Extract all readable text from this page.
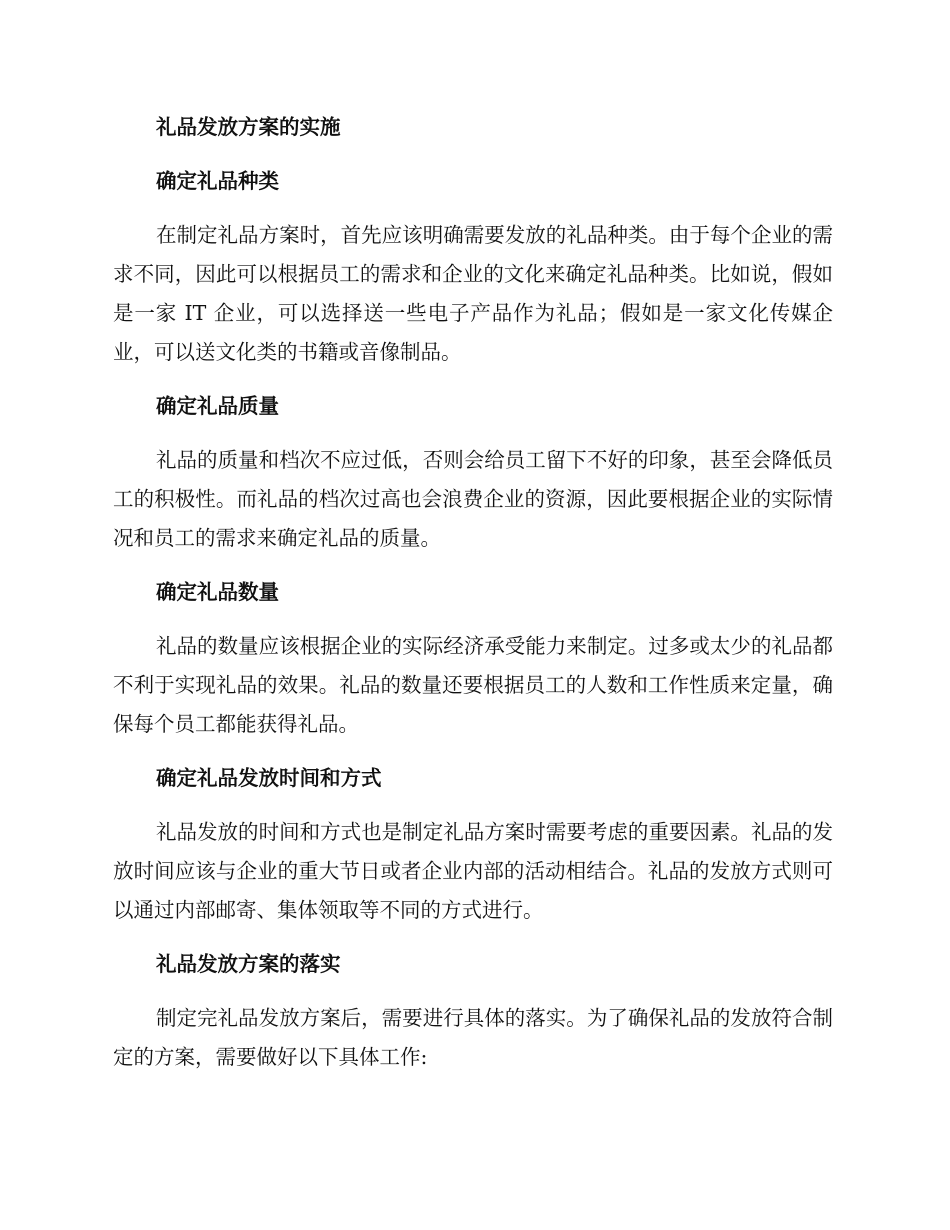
礼品发放方案的实施
确定礼品种类

在制定礼品方案时，首先应该明确需要发放的礼品种类。由于每个企业的需求不同，因此可以根据员工的需求和企业的文化来确定礼品种类。比如说，假如是一家 IT 企业，可以选择送一些电子产品作为礼品；假如是一家文化传媒企业，可以送文化类的书籍或音像制品。

确定礼品质量

礼品的质量和档次不应过低，否则会给员工留下不好的印象，甚至会降低员工的积极性。而礼品的档次过高也会浪费企业的资源，因此要根据企业的实际情况和员工的需求来确定礼品的质量。

确定礼品数量

礼品的数量应该根据企业的实际经济承受能力来制定。过多或太少的礼品都不利于实现礼品的效果。礼品的数量还要根据员工的人数和工作性质来定量，确保每个员工都能获得礼品。

确定礼品发放时间和方式

礼品发放的时间和方式也是制定礼品方案时需要考虑的重要因素。礼品的发放时间应该与企业的重大节日或者企业内部的活动相结合。礼品的发放方式则可以通过内部邮寄、集体领取等不同的方式进行。

礼品发放方案的落实

制定完礼品发放方案后，需要进行具体的落实。为了确保礼品的发放符合制定的方案，需要做好以下具体工作:
